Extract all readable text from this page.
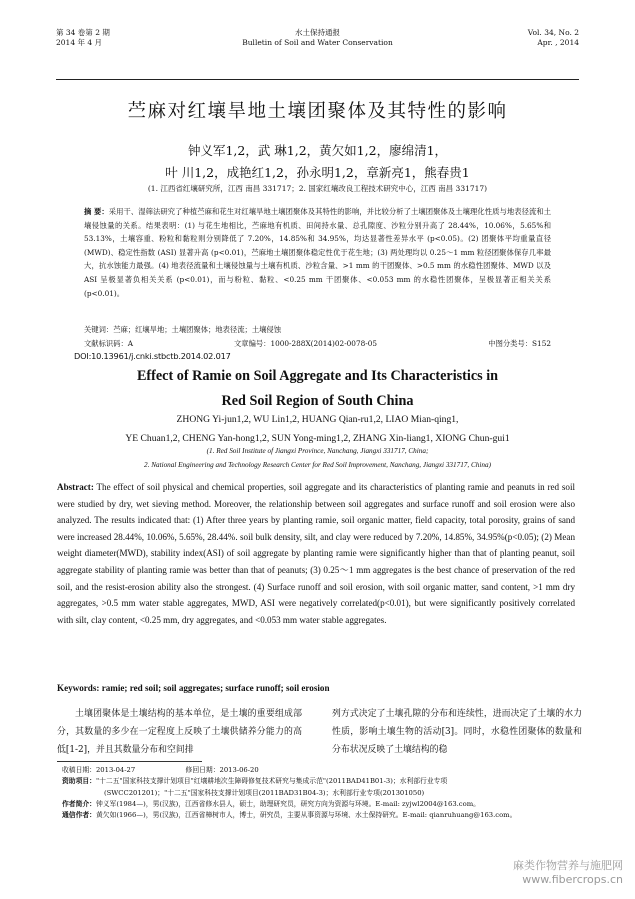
第 34 卷第 2 期
2014 年 4 月
水土保持通报
Bulletin of Soil and Water Conservation
Vol. 34, No. 2
Apr. , 2014
苎麻对红壤旱地土壤团聚体及其特性的影响
钟义军1,2，武 琳1,2，黄欠如1,2，廖绵清1，
叶 川1,2，成艳红1,2，孙永明1,2，章新亮1，熊春贵1
(1. 江西省红壤研究所，江西 南昌 331717；2. 国家红壤改良工程技术研究中心，江西 南昌 331717)
摘 要：采用干、湿筛法研究了种植苎麻和花生对红壤旱地土壤团聚体及其特性的影响，并比较分析了土壤团聚体及土壤理化性质与地表径流和土壤侵蚀量的关系。结果表明：(1) 与花生地相比，苎麻地有机质、田间持水量、总孔隙度、沙粒分别升高了 28.44%，10.06%，5.65%和 53.13%，土壤容重、粉粒和黏粒则分别降低了 7.20%，14.85%和 34.95%，均达显著性差异水平 (p<0.05)。(2) 团聚体平均重量直径 (MWD)、稳定性指数 (ASI) 显著升高 (p<0.01)，苎麻地土壤团聚体稳定性优于花生地；(3) 两处理均以 0.25～1 mm 粒径团聚体保存几率最大，抗水蚀能力最强。(4) 地表径流量和土壤侵蚀量与土壤有机质、沙粒含量、>1 mm 的干团聚体、>0.5 mm 的水稳性团聚体、MWD 以及 ASI 呈极显著负相关关系 (p<0.01)，而与粉粒、黏粒、<0.25 mm 干团聚体、<0.053 mm 的水稳性团聚体，呈极显著正相关关系 (p<0.01)。
关键词：苎麻；红壤旱地；土壤团聚体；地表径流；土壤侵蚀
文献标识码：A	文章编号：1000-288X(2014)02-0078-05	中图分类号：S152
DOI:10.13961/j.cnki.stbctb.2014.02.017
Effect of Ramie on Soil Aggregate and Its Characteristics in
Red Soil Region of South China
ZHONG Yi-jun1,2, WU Lin1,2, HUANG Qian-ru1,2, LIAO Mian-qing1,
YE Chuan1,2, CHENG Yan-hong1,2, SUN Yong-ming1,2, ZHANG Xin-liang1, XIONG Chun-gui1
(1. Red Soil Institute of Jiangxi Province, Nanchang, Jiangxi 331717, China;
2. National Engineering and Technology Research Center for Red Soil Improvement, Nanchang, Jiangxi 331717, China)
Abstract: The effect of soil physical and chemical properties, soil aggregate and its characteristics of planting ramie and peanuts in red soil were studied by dry, wet sieving method. Moreover, the relationship between soil aggregates and surface runoff and soil erosion were also analyzed. The results indicated that: (1) After three years by planting ramie, soil organic matter, field capacity, total porosity, grains of sand were increased 28.44%, 10.06%, 5.65%, 28.44%. soil bulk density, silt, and clay were reduced by 7.20%, 14.85%, 34.95%(p<0.05); (2) Mean weight diameter(MWD), stability index(ASI) of soil aggregate by planting ramie were significantly higher than that of planting peanut, soil aggregate stability of planting ramie was better than that of peanuts; (3) 0.25～1 mm aggregates is the best chance of preservation of the red soil, and the resist-erosion ability also the strongest. (4) Surface runoff and soil erosion, with soil organic matter, sand content, >1 mm dry aggregates, >0.5 mm water stable aggregates, MWD, ASI were negatively correlated(p<0.01), but were significantly positively correlated with silt, clay content, <0.25 mm, dry aggregates, and <0.053 mm water stable aggregates.
Keywords: ramie; red soil; soil aggregates; surface runoff; soil erosion
土壤团聚体是土壤结构的基本单位，是土壤的重要组成部分，其数量的多少在一定程度上反映了土壤供储养分能力的高低[1-2]，并且其数量分布和空间排
列方式决定了土壤孔隙的分布和连续性，进而决定了土壤的水力性质，影响土壤生物的活动[3]。同时，水稳性团聚体的数量和分布状况反映了土壤结构的稳
收稿日期：2013-04-27	修回日期：2013-06-20
资助项目："十二五"国家科技支撑计划项目"红壤耕地次生障碍修复技术研究与集成示范"(2011BAD41B01-3)；水利部行业专项
(SWCC201201)；"十二五"国家科技支撑计划项目(2011BAD31B04-3)；水利部行业专项(201301050)
作者简介：钟义军(1984—)，男(汉族)，江西省修水县人，硕士，助理研究员，研究方向为资源与环境。E-mail: zyjwl2004@163.com。
通信作者：黄欠如(1966—)，男(汉族)，江西省樟树市人，博士，研究员，主要从事资源与环境、水土保持研究。E-mail: qianruhuang@163.com。
麻类作物营养与施肥网
www.fibercrops.cn
